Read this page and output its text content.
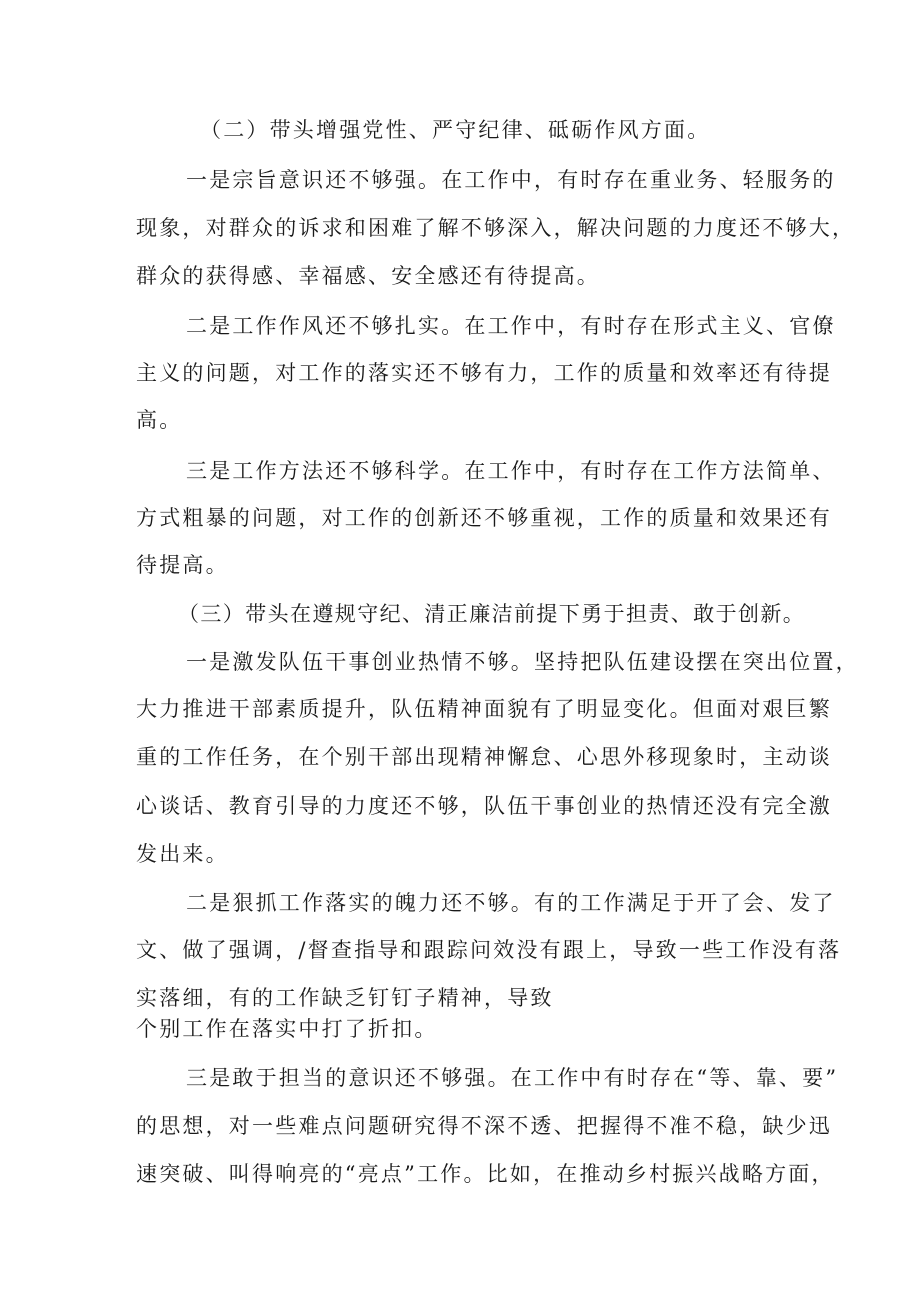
（二）带头增强党性、严守纪律、砥砺作风方面。
一是宗旨意识还不够强。在工作中，有时存在重业务、轻服务的
现象，对群众的诉求和困难了解不够深入，解决问题的力度还不够大，
群众的获得感、幸福感、安全感还有待提高。
二是工作作风还不够扎实。在工作中，有时存在形式主义、官僚
主义的问题，对工作的落实还不够有力，工作的质量和效率还有待提
高。
三是工作方法还不够科学。在工作中，有时存在工作方法简单、
方式粗暴的问题，对工作的创新还不够重视，工作的质量和效果还有
待提高。
（三）带头在遵规守纪、清正廉洁前提下勇于担责、敢于创新。
一是激发队伍干事创业热情不够。坚持把队伍建设摆在突出位置，
大力推进干部素质提升，队伍精神面貌有了明显变化。但面对艰巨繁
重的工作任务，在个别干部出现精神懈怠、心思外移现象时，主动谈
心谈话、教育引导的力度还不够，队伍干事创业的热情还没有完全激
发出来。
二是狠抓工作落实的魄力还不够。有的工作满足于开了会、发了
文、做了强调，/督查指导和跟踪问效没有跟上，导致一些工作没有落
实落细，有的工作缺乏钉钉子精神，导致
个别工作在落实中打了折扣。
三是敢于担当的意识还不够强。在工作中有时存在“等、靠、要”
的思想，对一些难点问题研究得不深不透、把握得不准不稳，缺少迅
速突破、叫得响亮的“亮点”工作。比如，在推动乡村振兴战略方面，
